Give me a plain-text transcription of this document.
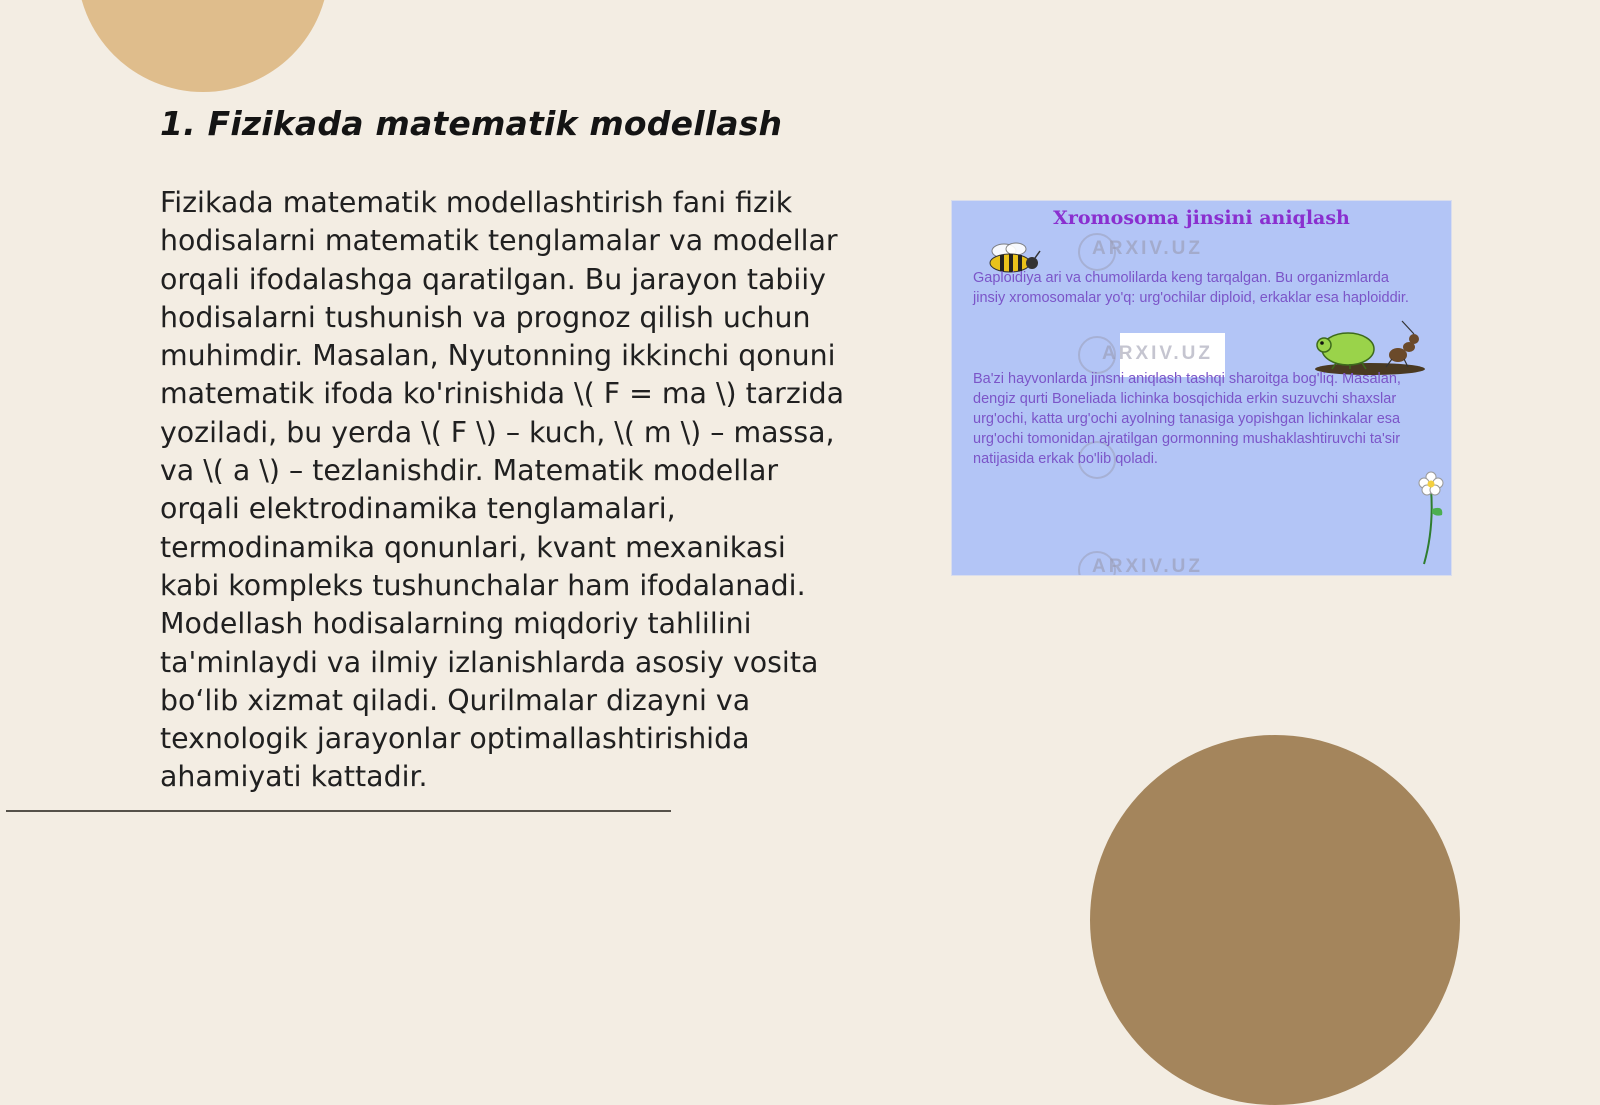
1. Fizikada matematik modellash

Fizikada matematik modellashtirish fani fizik hodisalarni matematik tenglamalar va modellar orqali ifodalashga qaratilgan. Bu jarayon tabiiy hodisalarni tushunish va prognoz qilish uchun muhimdir. Masalan, Nyutonning ikkinchi qonuni matematik ifoda ko'rinishida \( F = ma \) tarzida yoziladi, bu yerda \( F \) – kuch, \( m \) – massa, va \( a \) – tezlanishdir. Matematik modellar orqali elektrodinamika tenglamalari, termodinamika qonunlari, kvant mexanikasi kabi kompleks tushunchalar ham ifodalanadi. Modellash hodisalarning miqdoriy tahlilini ta'minlaydi va ilmiy izlanishlarda asosiy vosita bo‘lib xizmat qiladi. Qurilmalar dizayni va texnologik jarayonlar optimallashtirishida ahamiyati kattadir.

Xromosoma jinsini aniqlash
ARXIV.UZ
ARXIV.UZ
ARXIV.UZ
Gaploidiya ari va chumolilarda keng tarqalgan. Bu organizmlarda jinsiy xromosomalar yo'q: urg'ochilar diploid, erkaklar esa haploiddir.
Ba'zi hayvonlarda jinsni aniqlash tashqi sharoitga bog'liq. Masalan, dengiz qurti Boneliada lichinka bosqichida erkin suzuvchi shaxslar urg'ochi, katta urg'ochi ayolning tanasiga yopishgan lichinkalar esa urg'ochi tomonidan ajratilgan gormonning mushaklashtiruvchi ta'sir natijasida erkak bo'lib qoladi.
